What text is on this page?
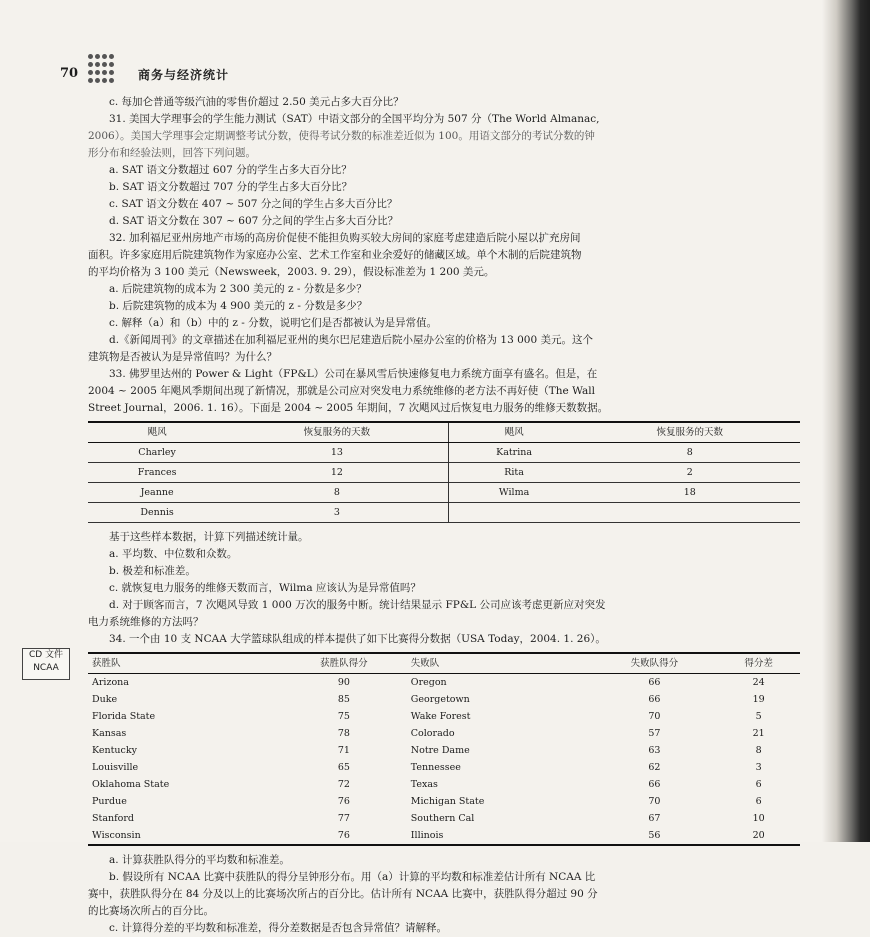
70	商务与经济统计
CD 文件
NCAA

c. 每加仑普通等级汽油的零售价超过 2.50 美元占多大百分比？

31. 美国大学理事会的学生能力测试（SAT）中语文部分的全国平均分为 507 分（The World Almanac,

2006）。美国大学理事会定期调整考试分数，使得考试分数的标准差近似为 100。用语文部分的考试分数的钟

形分布和经验法则，回答下列问题。

a. SAT 语文分数超过 607 分的学生占多大百分比？

b. SAT 语文分数超过 707 分的学生占多大百分比？

c. SAT 语文分数在 407 ~ 507 分之间的学生占多大百分比？

d. SAT 语文分数在 307 ~ 607 分之间的学生占多大百分比？

32. 加利福尼亚州房地产市场的高房价促使不能担负购买较大房间的家庭考虑建造后院小屋以扩充房间

面积。许多家庭用后院建筑物作为家庭办公室、艺术工作室和业余爱好的储藏区域。单个木制的后院建筑物

的平均价格为 3 100 美元（Newsweek，2003. 9. 29），假设标准差为 1 200 美元。

a. 后院建筑物的成本为 2 300 美元的 z - 分数是多少？

b. 后院建筑物的成本为 4 900 美元的 z - 分数是多少？

c. 解释（a）和（b）中的 z - 分数，说明它们是否都被认为是异常值。

d.《新闻周刊》的文章描述在加利福尼亚州的奥尔巴尼建造后院小屋办公室的价格为 13 000 美元。这个

建筑物是否被认为是异常值吗？为什么？

33. 佛罗里达州的 Power & Light（FP&L）公司在暴风雪后快速修复电力系统方面享有盛名。但是，在

2004 ~ 2005 年飓风季期间出现了新情况，那就是公司应对突发电力系统维修的老方法不再好使（The Wall

Street Journal，2006. 1. 16）。下面是 2004 ~ 2005 年期间，7 次飓风过后恢复电力服务的维修天数数据。

飓风	恢复服务的天数	飓风	恢复服务的天数
Charley	13	Katrina	8
Frances	12	Rita	2
Jeanne	8	Wilma	18
Dennis	3		

基于这些样本数据，计算下列描述统计量。

a. 平均数、中位数和众数。

b. 极差和标准差。

c. 就恢复电力服务的维修天数而言，Wilma 应该认为是异常值吗？

d. 对于顾客而言，7 次飓风导致 1 000 万次的服务中断。统计结果显示 FP&L 公司应该考虑更新应对突发

电力系统维修的方法吗？

34. 一个由 10 支 NCAA 大学篮球队组成的样本提供了如下比赛得分数据（USA Today，2004. 1. 26）。

获胜队	获胜队得分	失败队	失败队得分	得分差
Arizona	90	Oregon	66	24
Duke	85	Georgetown	66	19
Florida State	75	Wake Forest	70	5
Kansas	78	Colorado	57	21
Kentucky	71	Notre Dame	63	8
Louisville	65	Tennessee	62	3
Oklahoma State	72	Texas	66	6
Purdue	76	Michigan State	70	6
Stanford	77	Southern Cal	67	10
Wisconsin	76	Illinois	56	20

a. 计算获胜队得分的平均数和标准差。

b. 假设所有 NCAA 比赛中获胜队的得分呈钟形分布。用（a）计算的平均数和标准差估计所有 NCAA 比

赛中，获胜队得分在 84 分及以上的比赛场次所占的百分比。估计所有 NCAA 比赛中，获胜队得分超过 90 分

的比赛场次所占的百分比。

c. 计算得分差的平均数和标准差，得分差数据是否包含异常值？请解释。
